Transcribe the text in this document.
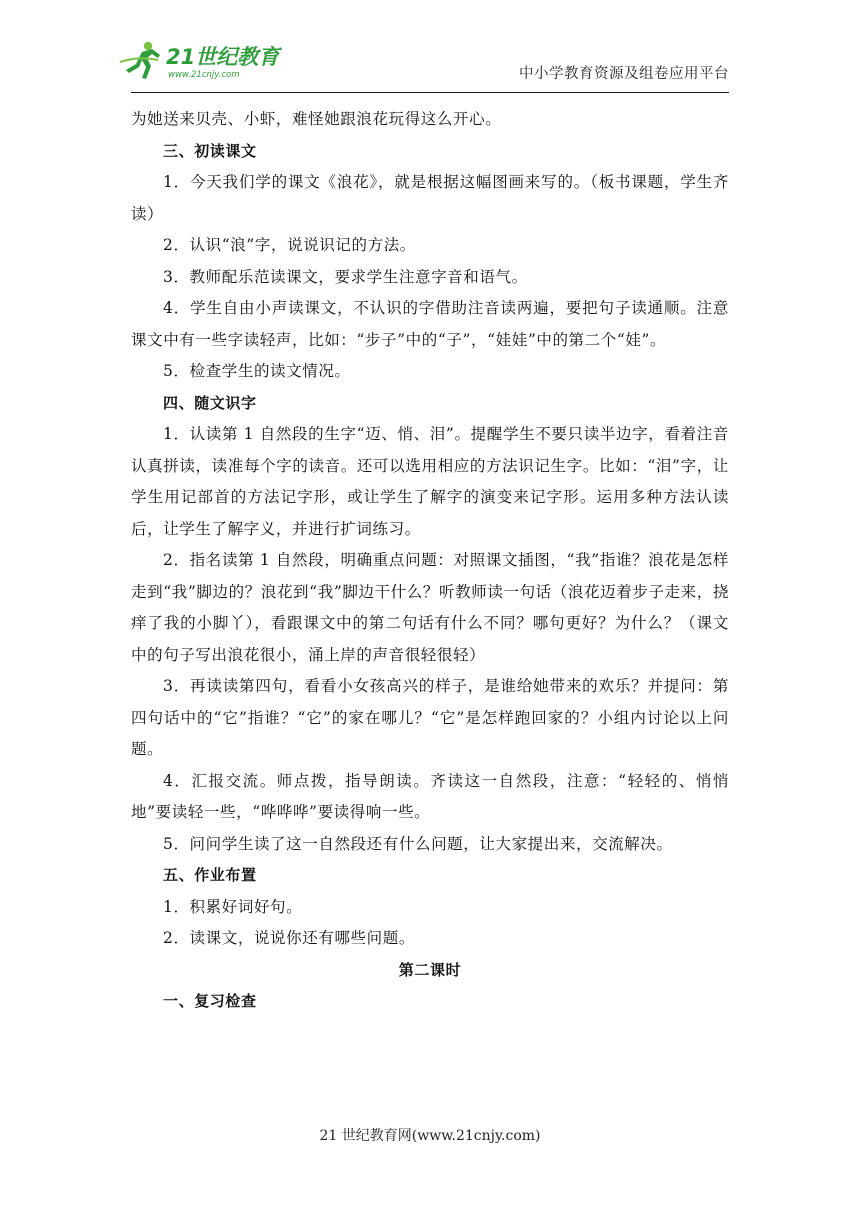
21世纪教育
www.21cnjy.com	中小学教育资源及组卷应用平台

为她送来贝壳、小虾，难怪她跟浪花玩得这么开心。

三、初读课文

1．今天我们学的课文《浪花》，就是根据这幅图画来写的。（板书课题，学生齐读）

2．认识“浪”字，说说识记的方法。

3．教师配乐范读课文，要求学生注意字音和语气。

4．学生自由小声读课文，不认识的字借助注音读两遍，要把句子读通顺。注意课文中有一些字读轻声，比如：“步子”中的“子”，“娃娃”中的第二个“娃”。

5．检查学生的读文情况。

四、随文识字

1．认读第 1 自然段的生字“迈、悄、泪”。提醒学生不要只读半边字，看着注音认真拼读，读准每个字的读音。还可以选用相应的方法识记生字。比如：“泪”字，让学生用记部首的方法记字形，或让学生了解字的演变来记字形。运用多种方法认读后，让学生了解字义，并进行扩词练习。

2．指名读第 1 自然段，明确重点问题：对照课文插图，“我”指谁？浪花是怎样走到“我”脚边的？浪花到“我”脚边干什么？听教师读一句话（浪花迈着步子走来，挠痒了我的小脚丫），看跟课文中的第二句话有什么不同？哪句更好？为什么？（课文中的句子写出浪花很小，涌上岸的声音很轻很轻）

3．再读读第四句，看看小女孩高兴的样子，是谁给她带来的欢乐？并提问：第四句话中的“它”指谁？“它”的家在哪儿？“它”是怎样跑回家的？小组内讨论以上问题。

4．汇报交流。师点拨，指导朗读。齐读这一自然段，注意：“轻轻的、悄悄地”要读轻一些，“哗哗哗”要读得响一些。

5．问问学生读了这一自然段还有什么问题，让大家提出来，交流解决。

五、作业布置

1．积累好词好句。

2．读课文，说说你还有哪些问题。

第二课时

一、复习检查

21 世纪教育网(www.21cnjy.com)
